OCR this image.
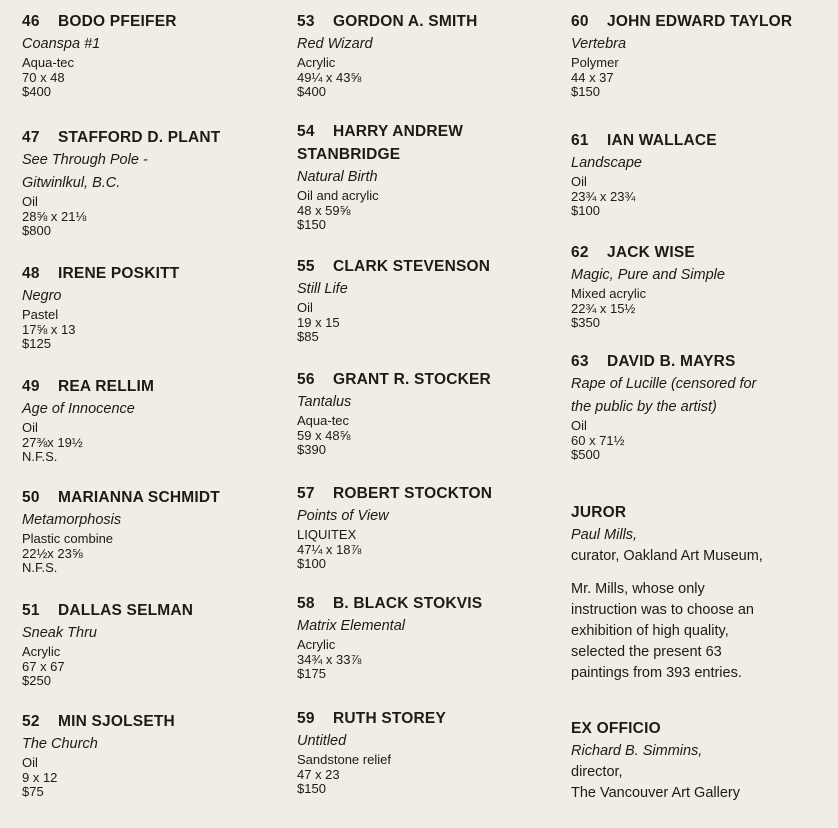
52 MIN SJOLSETH
The Church
Oil
9 x 12
$75
51 DALLAS SELMAN
Sneak Thru
Acrylic
67 x 67
$250
50 MARIANNA SCHMIDT
Metamorphosis
Plastic combine
22½x 23⅝
N.F.S.
49 REA RELLIM
Age of Innocence
Oil
27⅜x 19½
N.F.S.
48 IRENE POSKITT
Negro
Pastel
17⅝ x 13
$125
47 STAFFORD D. PLANT
See Through Pole -
Gitwinlkul, B.C.
Oil
28⅝ x 21⅛
$800
46 BODO PFEIFER
Coanspa #1
Aqua-tec
70 x 48
$400
59 RUTH STOREY
Untitled
Sandstone relief
47 x 23
$150
58 B. BLACK STOKVIS
Matrix Elemental
Acrylic
34¾ x 33⅞
$175
57 ROBERT STOCKTON
Points of View
LIQUITEX
47¼ x 18⅞
$100
56 GRANT R. STOCKER
Tantalus
Aqua-tec
59 x 48⅝
$390
55 CLARK STEVENSON
Still Life
Oil
19 x 15
$85
54 HARRY ANDREW
STANBRIDGE
Natural Birth
Oil and acrylic
48 x 59⅝
$150
53 GORDON A. SMITH
Red Wizard
Acrylic
49¼ x 43⅝
$400
63 DAVID B. MAYRS
Rape of Lucille (censored for
the public by the artist)
Oil
60 x 71½
$500
62 JACK WISE
Magic, Pure and Simple
Mixed acrylic
22¾ x 15½
$350
61 IAN WALLACE
Landscape
Oil
23¾ x 23¾
$100
60 JOHN EDWARD TAYLOR
Vertebra
Polymer
44 x 37
$150
JUROR
Paul Mills,
curator, Oakland Art Museum,
Mr. Mills, whose only
instruction was to choose an
exhibition of high quality,
selected the present 63
paintings from 393 entries.
EX OFFICIO
Richard B. Simmins,
director,
The Vancouver Art Gallery
